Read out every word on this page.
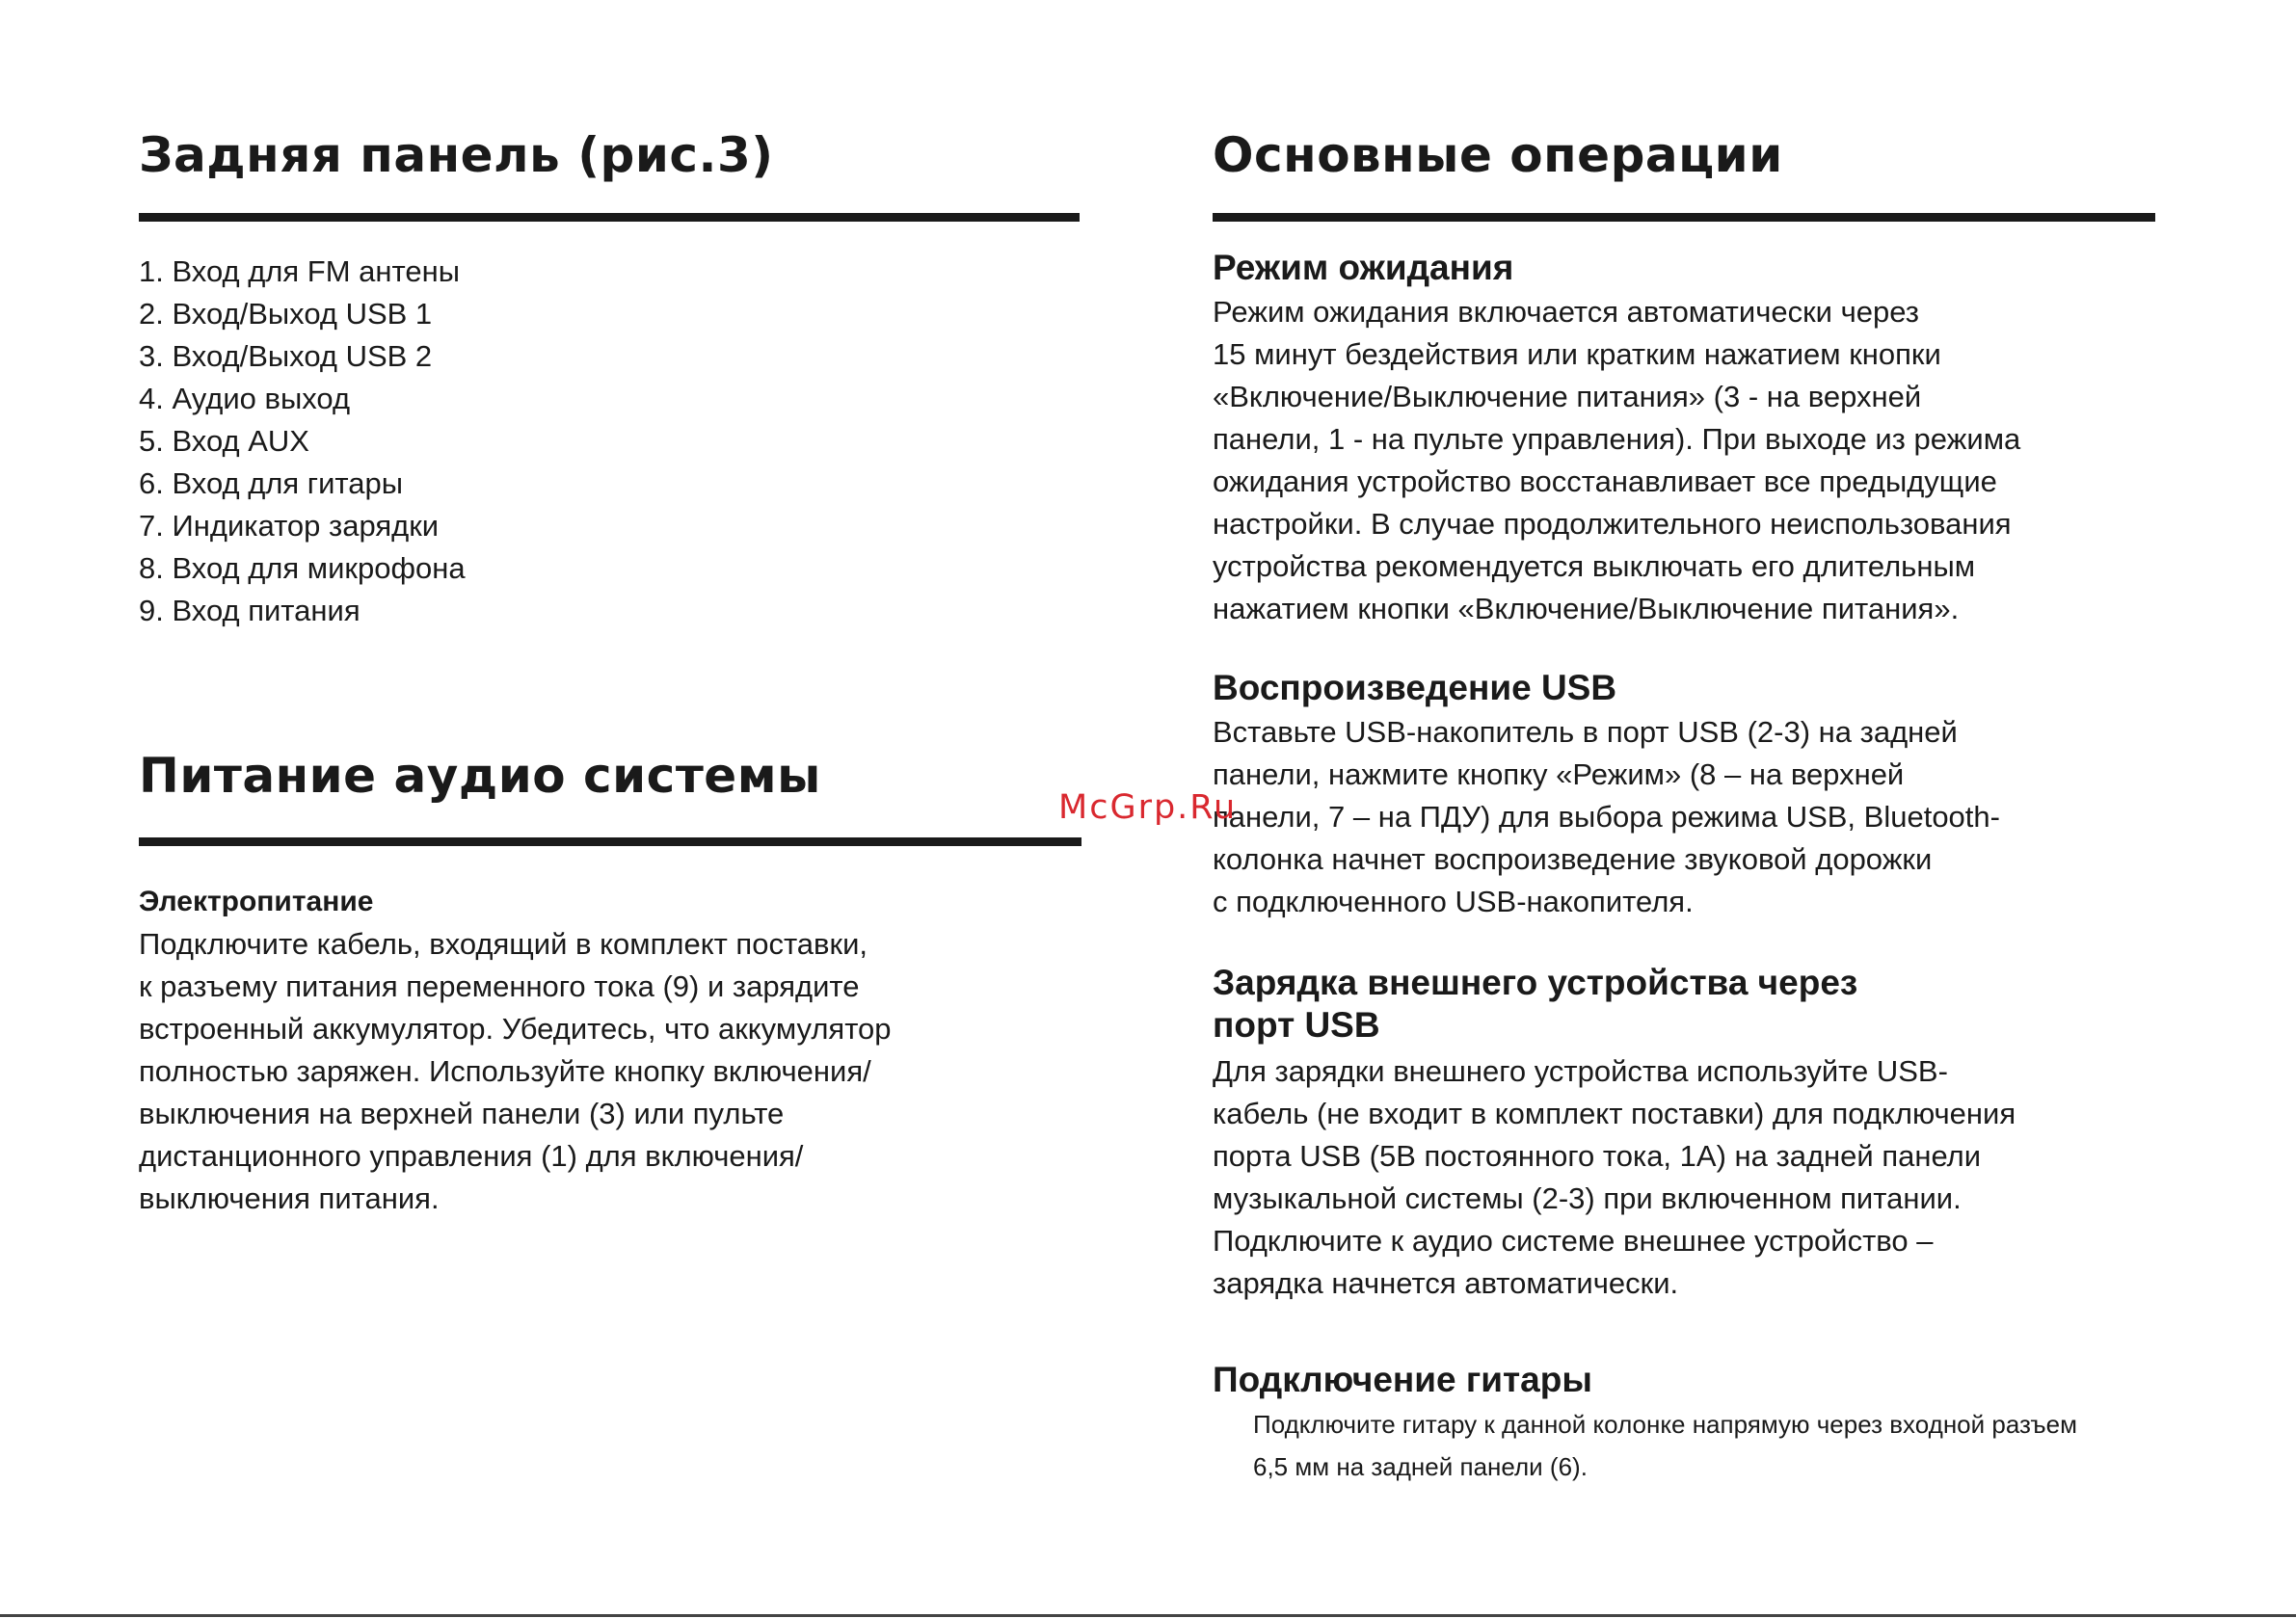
Задняя панель (рис.3)
1. Вход для FM антены
2. Вход/Выход USB 1
3. Вход/Выход USB 2
4. Аудио выход
5. Вход AUX
6. Вход для гитары
7. Индикатор зарядки
8. Вход для микрофона
9. Вход питания
Питание аудио системы
Электропитание

Подключите кабель, входящий в комплект поставки,
к разъему питания переменного тока (9) и зарядите
встроенный аккумулятор. Убедитесь, что аккумулятор
полностью заряжен. Используйте кнопку включения/
выключения на верхней панели (3) или пульте
дистанционного управления (1) для включения/
выключения питания.

Основные операции
Режим ожидания

Режим ожидания включается автоматически через
15 минут бездействия или кратким нажатием кнопки
«Включение/Выключение питания» (3 - на верхней
панели, 1 - на пульте управления). При выходе из режима
ожидания устройство восстанавливает все предыдущие
настройки. В случае продолжительного неиспользования
устройства рекомендуется выключать его длительным
нажатием кнопки «Включение/Выключение питания».

Воспроизведение USB

Вставьте USB-накопитель в порт USB (2-3) на задней
панели, нажмите кнопку «Режим» (8 – на верхней
панели, 7 – на ПДУ) для выбора режима USB, Bluetooth-
колонка начнет воспроизведение звуковой дорожки
с подключенного USB-накопителя.

Зарядка внешнего устройства через
порт USB

Для зарядки внешнего устройства используйте USB-
кабель (не входит в комплект поставки) для подключения
порта USB (5В постоянного тока, 1А) на задней панели
музыкальной системы (2-3) при включенном питании.
Подключите к аудио системе внешнее устройство –
зарядка начнется автоматически.

Подключение гитары

Подключите гитару к данной колонке напрямую через входной разъем
6,5 мм на задней панели (6).

McGrp.Ru
